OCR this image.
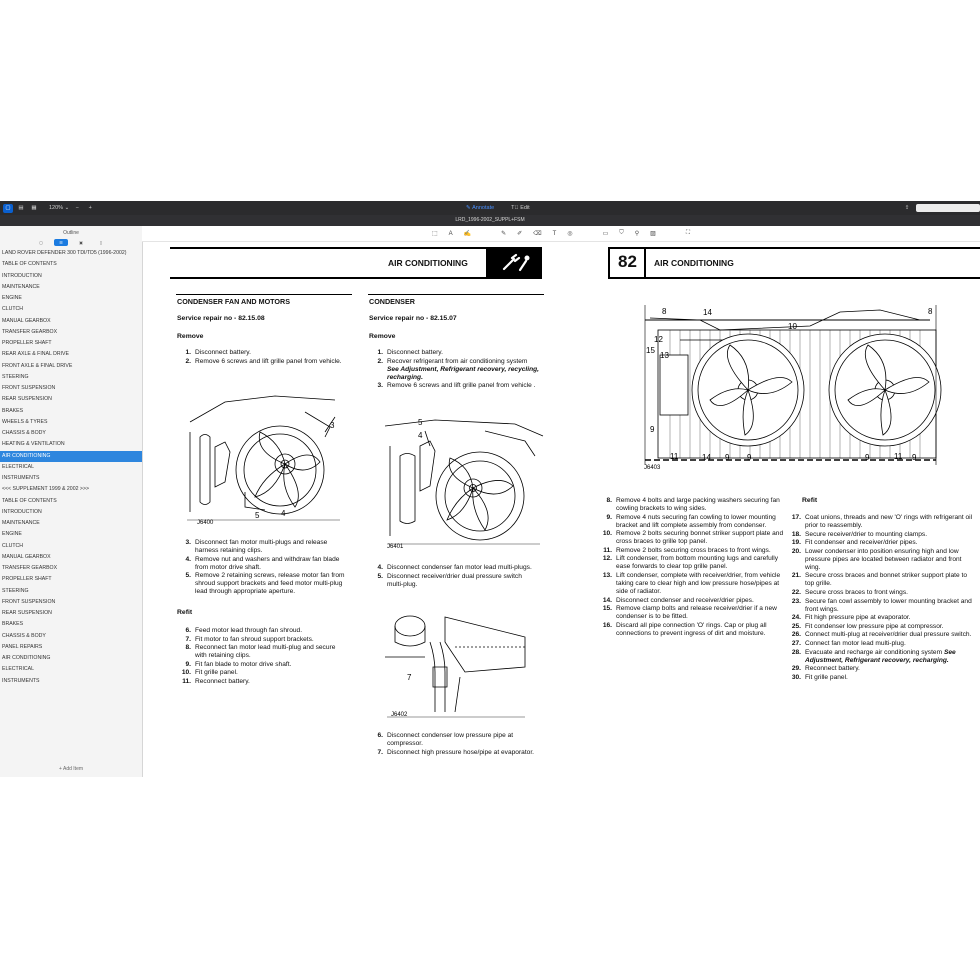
▢	▤	▦	120% ⌄	−	+	✎
Annotate	T⃞
Edit	⇪
LRD_1996-2002_SUPPL+FSM
Outline
◻	☰	▣	▯
LAND ROVER DEFENDER 300 TDI/TD5 (1996-2002)
TABLE OF CONTENTS
INTRODUCTION
MAINTENANCE
ENGINE
CLUTCH
MANUAL GEARBOX
TRANSFER GEARBOX
PROPELLER SHAFT
REAR AXLE & FINAL DRIVE
FRONT AXLE & FINAL DRIVE
STEERING
FRONT SUSPENSION
REAR SUSPENSION
BRAKES
WHEELS & TYRES
CHASSIS & BODY
HEATING & VENTILATION
AIR CONDITIONING
ELECTRICAL
INSTRUMENTS
<<< SUPPLEMENT 1999 & 2002 >>>
TABLE OF CONTENTS
INTRODUCTION
MAINTENANCE
ENGINE
CLUTCH
MANUAL GEARBOX
TRANSFER GEARBOX
PROPELLER SHAFT
STEERING
FRONT SUSPENSION
REAR SUSPENSION
BRAKES
CHASSIS & BODY
PANEL REPAIRS
AIR CONDITIONING
ELECTRICAL
INSTRUMENTS
+ Add Item
⬚ A ✍	✎ ✐ ⌫ T ◎	▭ ⛉ ⚲ ▨	⛶
AIR CONDITIONING	82 AIR CONDITIONING
CONDENSER FAN AND MOTORS
Service repair no - 82.15.08
Remove
1. Disconnect battery.
2. Remove 6 screws and lift grille panel from vehicle.
3
5	4
J6400
3. Disconnect fan motor multi-plugs and release harness retaining clips.
4. Remove nut and washers and withdraw fan blade from motor drive shaft.
5. Remove 2 retaining screws, release motor fan from shroud support brackets and feed motor multi-plug lead through appropriate aperture.
Refit
6. Feed motor lead through fan shroud.
7. Fit motor to fan shroud support brackets.
8. Reconnect fan motor lead multi-plug and secure with retaining clips.
9. Fit fan blade to motor drive shaft.
10. Fit grille panel.
11. Reconnect battery.
CONDENSER
Service repair no - 82.15.07
Remove
1. Disconnect battery.
2. Recover refrigerant from air conditioning system See Adjustment, Refrigerant recovery, recycling, recharging.
3. Remove 6 screws and lift grille panel from vehicle .
5
4
J6401
4. Disconnect condenser fan motor lead multi-plugs.
5. Disconnect receiver/drier dual pressure switch multi-plug.
7
J6402
6. Disconnect condenser low pressure pipe at compressor.
7. Disconnect high pressure hose/pipe at evaporator.
8	14
10
8
12
13
15
9
11	14 9 9	9	11 9
J6403
8. Remove 4 bolts and large packing washers securing fan cowling brackets to wing sides.
9. Remove 4 nuts securing fan cowling to lower mounting bracket and lift complete assembly from condenser.
10. Remove 2 bolts securing bonnet striker support plate and cross braces to grille top panel.
11. Remove 2 bolts securing cross braces to front wings.
12. Lift condenser, from bottom mounting lugs and carefully ease forwards to clear top grille panel.
13. Lift condenser, complete with receiver/drier, from vehicle taking care to clear high and low pressure hose/pipes at side of radiator.
14. Disconnect condenser and receiver/drier pipes.
15. Remove clamp bolts and release receiver/drier if a new condenser is to be fitted.
16. Discard all pipe connection 'O' rings. Cap or plug all connections to prevent ingress of dirt and moisture.
Refit
17. Coat unions, threads and new 'O' rings with refrigerant oil prior to reassembly.
18. Secure receiver/drier to mounting clamps.
19. Fit condenser and receiver/drier pipes.
20. Lower condenser into position ensuring high and low pressure pipes are located between radiator and front wing.
21. Secure cross braces and bonnet striker support plate to top grille.
22. Secure cross braces to front wings.
23. Secure fan cowl assembly to lower mounting bracket and front wings.
24. Fit high pressure pipe at evaporator.
25. Fit condenser low pressure pipe at compressor.
26. Connect multi-plug at receiver/drier dual pressure switch.
27. Connect fan motor lead multi-plug.
28. Evacuate and recharge air conditioning system See Adjustment, Refrigerant recovery, recharging.
29. Reconnect battery.
30. Fit grille panel.
